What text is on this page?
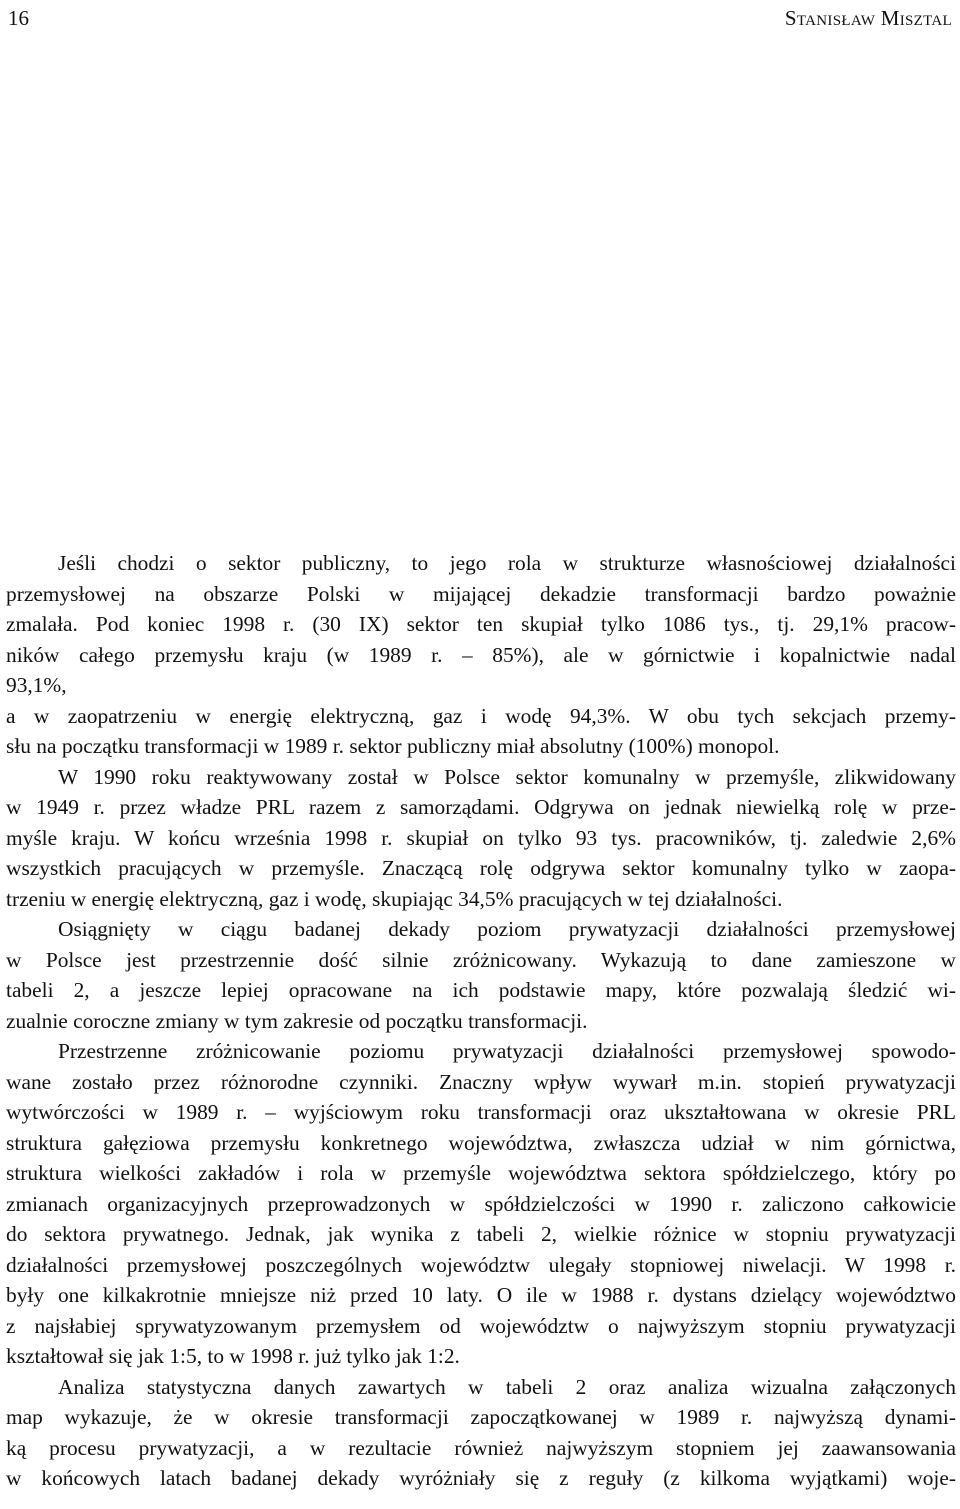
16	Stanisław Misztal

Jeśli chodzi o sektor publiczny, to jego rola w strukturze własnościowej działalności
przemysłowej na obszarze Polski w mijającej dekadzie transformacji bardzo poważnie
zmalała. Pod koniec 1998 r. (30 IX) sektor ten skupiał tylko 1086 tys., tj. 29,1% pracow-
ników całego przemysłu kraju (w 1989 r. – 85%), ale w górnictwie i kopalnictwie nadal
93,1%,
a w zaopatrzeniu w energię elektryczną, gaz i wodę 94,3%. W obu tych sekcjach przemy-
słu na początku transformacji w 1989 r. sektor publiczny miał absolutny (100%) monopol.

W 1990 roku reaktywowany został w Polsce sektor komunalny w przemyśle, zlikwidowany
w 1949 r. przez władze PRL razem z samorządami. Odgrywa on jednak niewielką rolę w prze-
myśle kraju. W końcu września 1998 r. skupiał on tylko 93 tys. pracowników, tj. zaledwie 2,6%
wszystkich pracujących w przemyśle. Znaczącą rolę odgrywa sektor komunalny tylko w zaopa-
trzeniu w energię elektryczną, gaz i wodę, skupiając 34,5% pracujących w tej działalności.

Osiągnięty w ciągu badanej dekady poziom prywatyzacji działalności przemysłowej
w Polsce jest przestrzennie dość silnie zróżnicowany. Wykazują to dane zamieszone w
tabeli 2, a jeszcze lepiej opracowane na ich podstawie mapy, które pozwalają śledzić wi-
zualnie coroczne zmiany w tym zakresie od początku transformacji.

Przestrzenne zróżnicowanie poziomu prywatyzacji działalności przemysłowej spowodo-
wane zostało przez różnorodne czynniki. Znaczny wpływ wywarł m.in. stopień prywatyzacji
wytwórczości w 1989 r. – wyjściowym roku transformacji oraz ukształtowana w okresie PRL
struktura gałęziowa przemysłu konkretnego województwa, zwłaszcza udział w nim górnictwa,
struktura wielkości zakładów i rola w przemyśle województwa sektora spółdzielczego, który po
zmianach organizacyjnych przeprowadzonych w spółdzielczości w 1990 r. zaliczono całkowicie
do sektora prywatnego. Jednak, jak wynika z tabeli 2, wielkie różnice w stopniu prywatyzacji
działalności przemysłowej poszczególnych województw ulegały stopniowej niwelacji. W 1998 r.
były one kilkakrotnie mniejsze niż przed 10 laty. O ile w 1988 r. dystans dzielący województwo
z najsłabiej sprywatyzowanym przemysłem od województw o najwyższym stopniu prywatyzacji
kształtował się jak 1:5, to w 1998 r. już tylko jak 1:2.

Analiza statystyczna danych zawartych w tabeli 2 oraz analiza wizualna załączonych
map wykazuje, że w okresie transformacji zapoczątkowanej w 1989 r. najwyższą dynami-
ką procesu prywatyzacji, a w rezultacie również najwyższym stopniem jej zaawansowania
w końcowych latach badanej dekady wyróżniały się z reguły (z kilkoma wyjątkami) woje-
